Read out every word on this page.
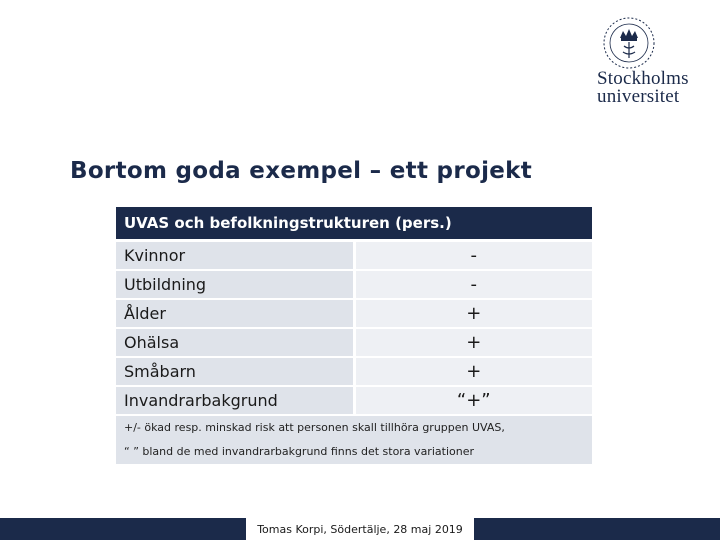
Stockholms
universitet
Bortom goda exempel – ett projekt
UVAS och befolkningstrukturen (pers.)	
Kvinnor	-
Utbildning	-
Ålder	+
Ohälsa	+
Småbarn	+
Invandrarbakgrund	“+”

+/- ökad resp. minskad risk att personen skall tillhöra gruppen UVAS,
“ ” bland de med invandrarbakgrund finns det stora variationer	
Tomas Korpi, Södertälje, 28 maj 2019
